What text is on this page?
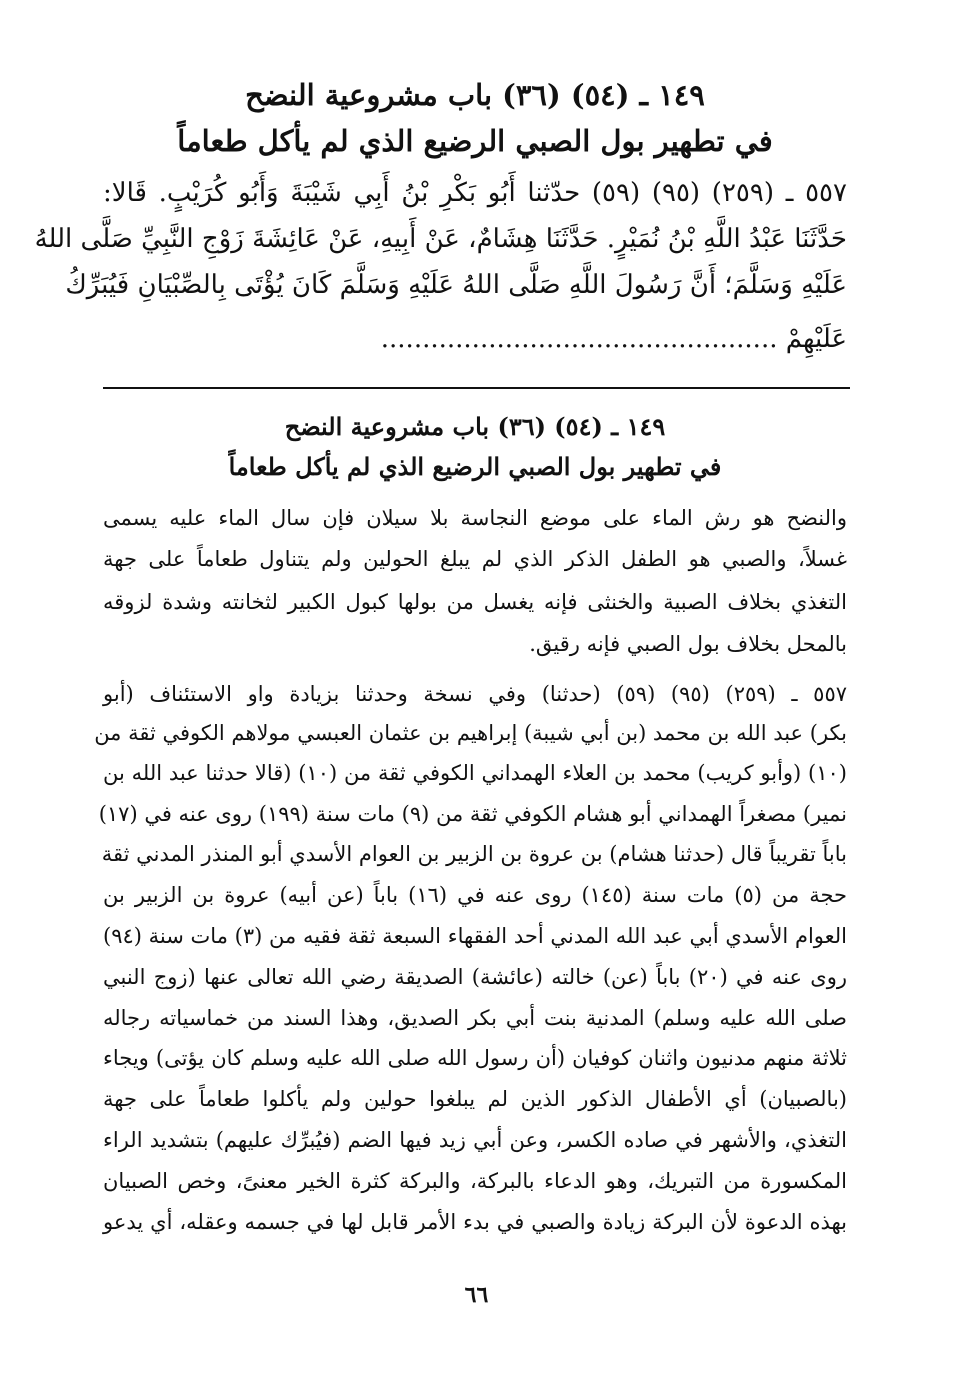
١٤٩ ـ (٥٤) (٣٦) باب مشروعية النضح
في تطهير بول الصبي الرضيع الذي لم يأكل طعاماً
٥٥٧ ـ (٢٥٩) (٩٥) (٥٩) حدّثنا أَبُو بَكْرِ بْنُ أَبِي شَيْبَةَ وَأَبُو كُرَيْبٍ. قَالا:
حَدَّثَنَا عَبْدُ اللَّهِ بْنُ نُمَيْرٍ. حَدَّثَنَا هِشَامٌ، عَنْ أَبِيهِ، عَنْ عَائِشَةَ زَوْجِ النَّبِيِّ صَلَّى اللهُ
عَلَيْهِ وَسَلَّمَ؛ أَنَّ رَسُولَ اللَّهِ صَلَّى اللهُ عَلَيْهِ وَسَلَّمَ كَانَ يُؤْتَى بِالصِّبْيَانِ فَيُبَرِّكُ
عَلَيْهِمْ ................................................
١٤٩ ـ (٥٤) (٣٦) باب مشروعية النضح
في تطهير بول الصبي الرضيع الذي لم يأكل طعاماً
والنضح هو رش الماء على موضع النجاسة بلا سيلان فإن سال الماء عليه يسمى
غسلاً، والصبي هو الطفل الذكر الذي لم يبلغ الحولين ولم يتناول طعاماً على جهة
التغذي بخلاف الصبية والخنثى فإنه يغسل من بولها كبول الكبير لثخانته وشدة لزوقه
بالمحل بخلاف بول الصبي فإنه رقيق.
٥٥٧ ـ (٢٥٩) (٩٥) (٥٩) (حدثنا) وفي نسخة وحدثنا بزيادة واو الاستئناف (أبو
بكر) عبد الله بن محمد (بن أبي شيبة) إبراهيم بن عثمان العبسي مولاهم الكوفي ثقة من
(١٠) (وأبو كريب) محمد بن العلاء الهمداني الكوفي ثقة من (١٠) (قالا حدثنا عبد الله بن
نمير) مصغراً الهمداني أبو هشام الكوفي ثقة من (٩) مات سنة (١٩٩) روى عنه في (١٧)
باباً تقريباً قال (حدثنا هشام) بن عروة بن الزبير بن العوام الأسدي أبو المنذر المدني ثقة
حجة من (٥) مات سنة (١٤٥) روى عنه في (١٦) باباً (عن أبيه) عروة بن الزبير بن
العوام الأسدي أبي عبد الله المدني أحد الفقهاء السبعة ثقة فقيه من (٣) مات سنة (٩٤)
روى عنه في (٢٠) باباً (عن) خالته (عائشة) الصديقة رضي الله تعالى عنها (زوج النبي
صلى الله عليه وسلم) المدنية بنت أبي بكر الصديق، وهذا السند من خماسياته رجاله
ثلاثة منهم مدنيون واثنان كوفيان (أن رسول الله صلى الله عليه وسلم كان يؤتى) ويجاء
(بالصبيان) أي الأطفال الذكور الذين لم يبلغوا حولين ولم يأكلوا طعاماً على جهة
التغذي، والأشهر في صاده الكسر، وعن أبي زيد فيها الضم (فيُبرِّك عليهم) بتشديد الراء
المكسورة من التبريك، وهو الدعاء بالبركة، والبركة كثرة الخير معنىً، وخص الصبيان
بهذه الدعوة لأن البركة زيادة والصبي في بدء الأمر قابل لها في جسمه وعقله، أي يدعو
٦٦
